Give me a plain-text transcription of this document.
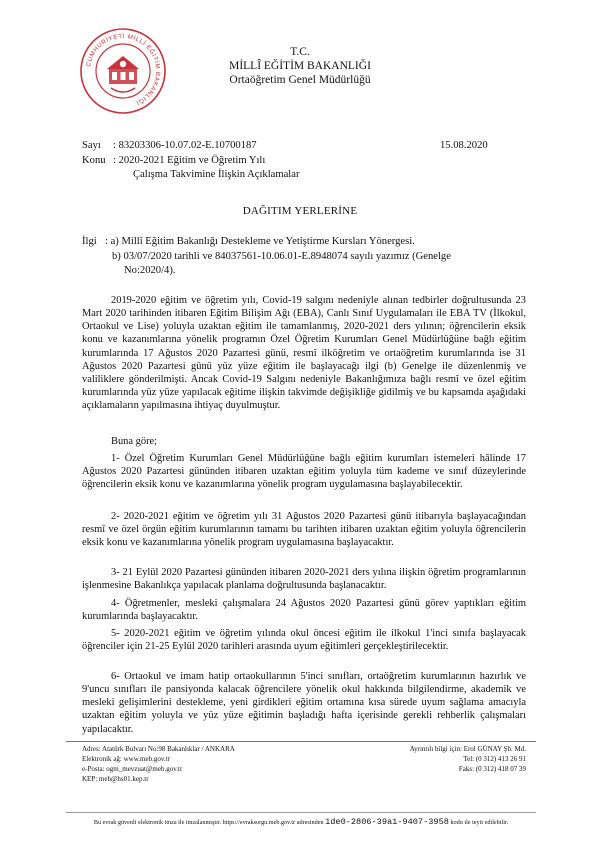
CUMHURİYETİ MİLLÎ EĞİTİM BAKANLIĞI
T.C.
MİLLÎ EĞİTİM BAKANLIĞI
Ortaöğretim Genel Müdürlüğü
Sayı : 83203306-10.07.02-E.10700187	15.08.2020
Konu : 2020-2021 Eğitim ve Öğretim Yılı
Çalışma Takvimine İlişkin Açıklamalar
DAĞITIM YERLERİNE
İlgi : a) Millî Eğitim Bakanlığı Destekleme ve Yetiştirme Kursları Yönergesi.
b) 03/07/2020 tarihli ve 84037561-10.06.01-E.8948074 sayılı yazımız (Genelge
No:2020/4).
2019-2020 eğitim ve öğretim yılı, Covid-19 salgını nedeniyle alınan tedbirler doğrultusunda 23 Mart 2020 tarihinden itibaren Eğitim Bilişim Ağı (EBA), Canlı Sınıf Uygulamaları ile EBA TV (İlkokul, Ortaokul ve Lise) yoluyla uzaktan eğitim ile tamamlanmış, 2020-2021 ders yılının; öğrencilerin eksik konu ve kazanımlarına yönelik programın Özel Öğretim Kurumları Genel Müdürlüğüne bağlı eğitim kurumlarında 17 Ağustos 2020 Pazartesi günü, resmî ilköğretim ve ortaöğretim kurumlarında ise 31 Ağustos 2020 Pazartesi günü yüz yüze eğitim ile başlayacağı ilgi (b) Genelge ile düzenlenmiş ve valiliklere gönderilmişti. Ancak Covid-19 Salgını nedeniyle Bakanlığımıza bağlı resmî ve özel eğitim kurumlarında yüz yüze yapılacak eğitime ilişkin takvimde değişikliğe gidilmiş ve bu kapsamda aşağıdaki açıklamaların yapılmasına ihtiyaç duyulmuştur.
Buna göre;
1- Özel Öğretim Kurumları Genel Müdürlüğüne bağlı eğitim kurumları istemeleri hâlinde 17 Ağustos 2020 Pazartesi gününden itibaren uzaktan eğitim yoluyla tüm kademe ve sınıf düzeylerinde öğrencilerin eksik konu ve kazanımlarına yönelik program uygulamasına başlayabilecektir.
2- 2020-2021 eğitim ve öğretim yılı 31 Ağustos 2020 Pazartesi günü itibarıyla başlayacağından resmî ve özel örgün eğitim kurumlarının tamamı bu tarihten itibaren uzaktan eğitim yoluyla öğrencilerin eksik konu ve kazanımlarına yönelik program uygulamasına başlayacaktır.
3- 21 Eylül 2020 Pazartesi gününden itibaren 2020-2021 ders yılına ilişkin öğretim programlarının işlenmesine Bakanlıkça yapılacak planlama doğrultusunda başlanacaktır.
4- Öğretmenler, mesleki çalışmalara 24 Ağustos 2020 Pazartesi günü görev yaptıkları eğitim kurumlarında başlayacaktır.
5- 2020-2021 eğitim ve öğretim yılında okul öncesi eğitim ile ilkokul 1'inci sınıfa başlayacak öğrenciler için 21-25 Eylül 2020 tarihleri arasında uyum eğitimleri gerçekleştirilecektir.
6- Ortaokul ve imam hatip ortaokullarının 5'inci sınıfları, ortaöğretim kurumlarının hazırlık ve 9'uncu sınıfları ile pansiyonda kalacak öğrencilere yönelik okul hakkında bilgilendirme, akademik ve mesleki gelişimlerini destekleme, yeni girdikleri eğitim ortamına kısa sürede uyum sağlama amacıyla uzaktan eğitim yoluyla ve yüz yüze eğitimin başladığı hafta içerisinde gerekli rehberlik çalışmaları yapılacaktır.
Adres: Atatürk Bulvarı No:98 Bakanlıklar / ANKARA
Elektronik ağ: www.meb.gov.tr
e-Posta: ogm_mevzuat@meb.gov.tr
KEP: meb@hs01.kep.tr
Ayrıntılı bilgi için: Erol GÜNAY Şb. Md.
Tel: (0 312) 413 26 91
Faks: (0 312) 418 07 39
Bu evrak güvenli elektronik imza ile imzalanmıştır. https://evraksorgu.meb.gov.tr adresinden 1de0-2806-39a1-9407-3958 kodu ile teyit edilebilir.
